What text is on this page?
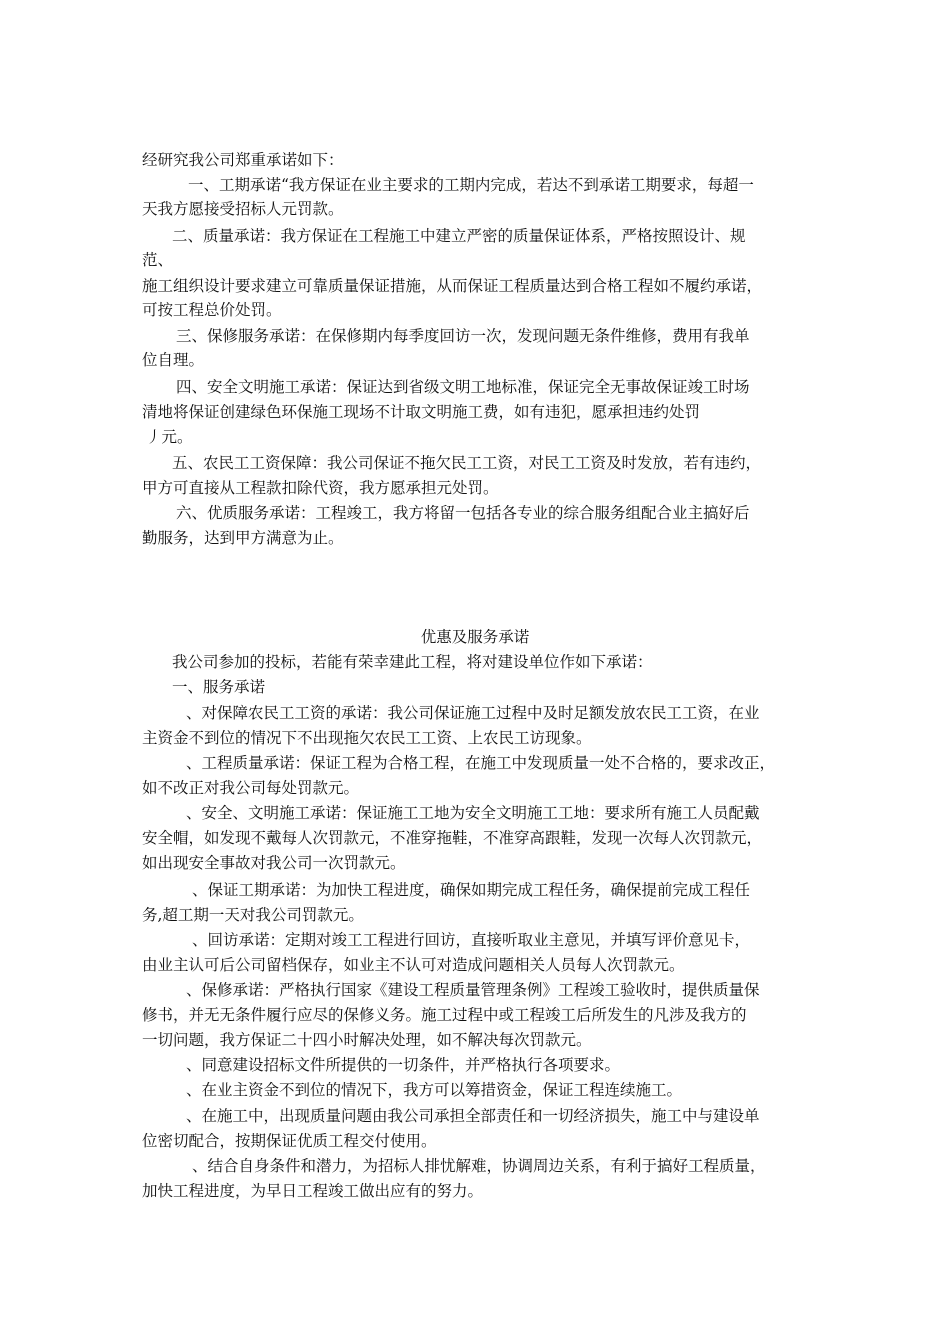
经研究我公司郑重承诺如下：
一、工期承诺“我方保证在业主要求的工期内完成，若达不到承诺工期要求，每超一
天我方愿接受招标人元罚款。
二、质量承诺：我方保证在工程施工中建立严密的质量保证体系，严格按照设计、规
范、
施工组织设计要求建立可靠质量保证措施，从而保证工程质量达到合格工程如不履约承诺，
可按工程总价处罚。
三、保修服务承诺：在保修期内每季度回访一次，发现问题无条件维修，费用有我单
位自理。
四、安全文明施工承诺：保证达到省级文明工地标准，保证完全无事故保证竣工时场
清地将保证创建绿色环保施工现场不计取文明施工费，如有违犯，愿承担违约处罚
丿元。
五、农民工工资保障：我公司保证不拖欠民工工资，对民工工资及时发放，若有违约，
甲方可直接从工程款扣除代资，我方愿承担元处罚。
六、优质服务承诺：工程竣工，我方将留一包括各专业的综合服务组配合业主搞好后
勤服务，达到甲方满意为止。
优惠及服务承诺
我公司参加的投标，若能有荣幸建此工程，将对建设单位作如下承诺：
一、服务承诺
、对保障农民工工资的承诺：我公司保证施工过程中及时足额发放农民工工资，在业
主资金不到位的情况下不出现拖欠农民工工资、上农民工访现象。
、工程质量承诺：保证工程为合格工程，在施工中发现质量一处不合格的，要求改正，
如不改正对我公司每处罚款元。
、安全、文明施工承诺：保证施工工地为安全文明施工工地：要求所有施工人员配戴
安全帽，如发现不戴每人次罚款元，不准穿拖鞋，不准穿高跟鞋，发现一次每人次罚款元，
如出现安全事故对我公司一次罚款元。
、保证工期承诺：为加快工程进度，确保如期完成工程任务，确保提前完成工程任
务,超工期一天对我公司罚款元。
、回访承诺：定期对竣工工程进行回访，直接听取业主意见，并填写评价意见卡，
由业主认可后公司留档保存，如业主不认可对造成问题相关人员每人次罚款元。
、保修承诺：严格执行国家《建设工程质量管理条例》工程竣工验收时，提供质量保
修书，并无无条件履行应尽的保修义务。施工过程中或工程竣工后所发生的凡涉及我方的
一切问题，我方保证二十四小时解决处理，如不解决每次罚款元。
、同意建设招标文件所提供的一切条件，并严格执行各项要求。
、在业主资金不到位的情况下，我方可以筹措资金，保证工程连续施工。
、在施工中，出现质量问题由我公司承担全部责任和一切经济损失，施工中与建设单
位密切配合，按期保证优质工程交付使用。
、结合自身条件和潜力，为招标人排忧解难，协调周边关系，有利于搞好工程质量，
加快工程进度，为早日工程竣工做出应有的努力。
